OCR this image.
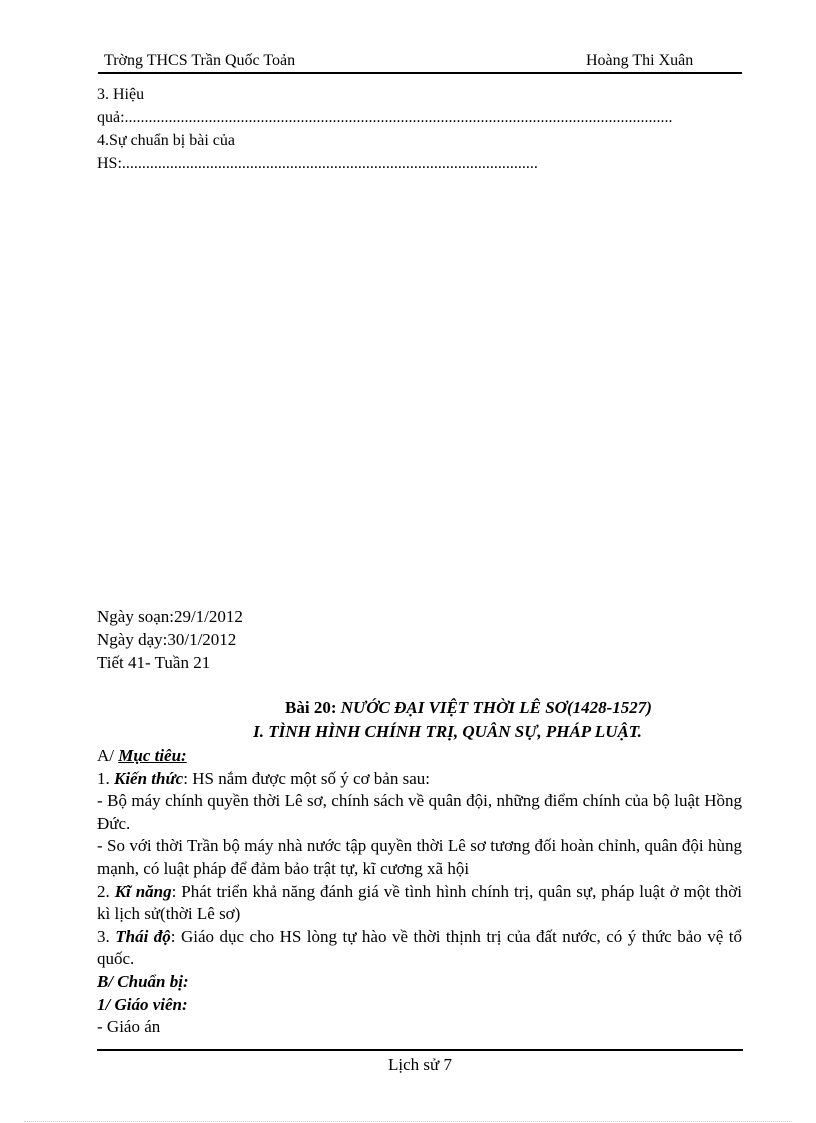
Trờng THCS Trần Quốc Toản	Hoàng Thi Xuân
3. Hiệu
quả:.........................................................................................................................................
4.Sự chuẩn bị bài của
HS:........................................................................................................
Ngày soạn:29/1/2012
Ngày dạy:30/1/2012
Tiết 41- Tuần 21
Bài 20: NƯỚC ĐẠI VIỆT THỜI LÊ SƠ(1428-1527)
I. TÌNH HÌNH CHÍNH TRỊ, QUÂN SỰ, PHÁP LUẬT.

A/ Mục tiêu:

1. Kiến thức: HS nắm được một số ý cơ bản sau:

- Bộ máy chính quyền thời Lê sơ, chính sách về quân đội, những điểm chính của bộ luật Hồng Đức.

- So với thời Trần bộ máy nhà nước tập quyền thời Lê sơ tương đối hoàn chỉnh, quân đội hùng mạnh, có luật pháp để đảm bảo trật tự, kĩ cương xã hội

2. Kĩ năng: Phát triển khả năng đánh giá về tình hình chính trị, quân sự, pháp luật ở một thời kì lịch sử(thời Lê sơ)

3. Thái độ: Giáo dục cho HS lòng tự hào về thời thịnh trị của đất nước, có ý thức bảo vệ tổ quốc.

B/ Chuẩn bị:

1/ Giáo viên:

- Giáo án

Lịch sử 7
